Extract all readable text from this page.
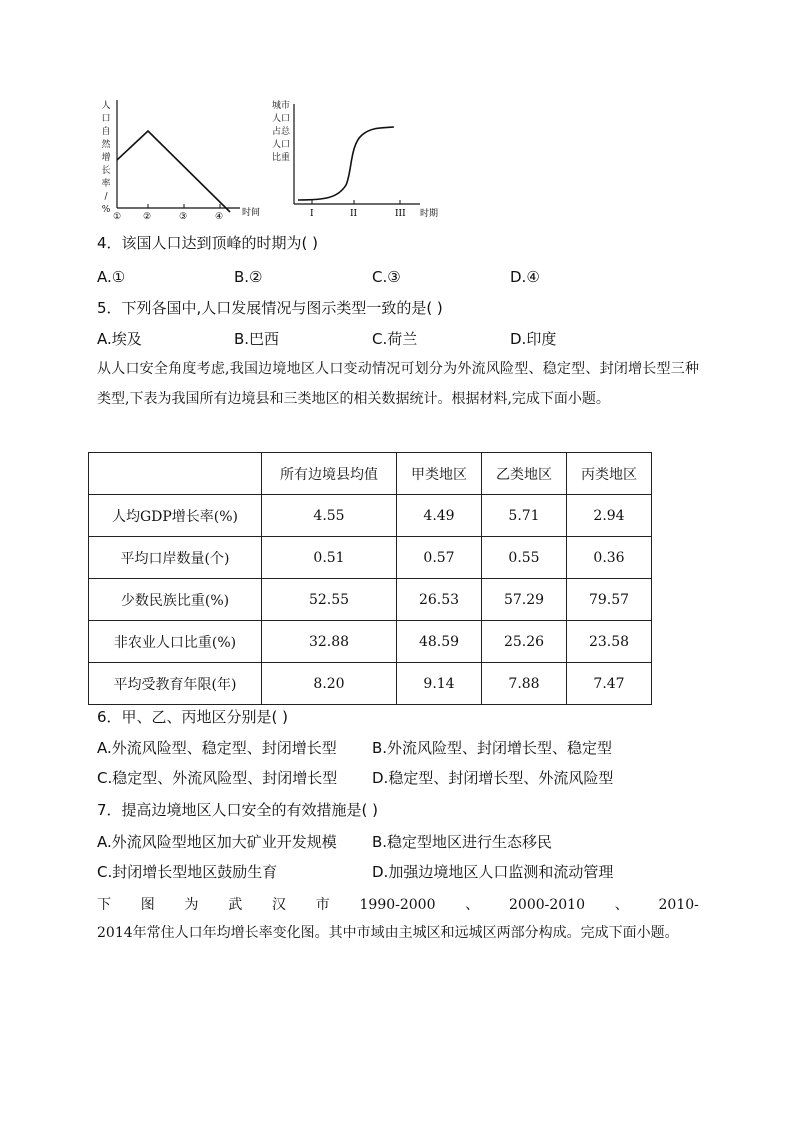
人
口
自
然
增
长
率
/
%
① ②	③	④ 时间
城市
人口
占总
人口
比重
I	II	III 时期
4．该国人口达到顶峰的时期为( )
A.①	B.②	C.③	D.④
5．下列各国中,人口发展情况与图示类型一致的是( )
A.埃及	B.巴西	C.荷兰	D.印度
从人口安全角度考虑,我国边境地区人口变动情况可划分为外流风险型、稳定型、封闭增长型三种类型,下表为我国所有边境县和三类地区的相关数据统计。根据材料,完成下面小题。
	所有边境县均值	甲类地区	乙类地区	丙类地区
人均GDP增长率(%)	4.55	4.49	5.71	2.94
平均口岸数量(个)	0.51	0.57	0.55	0.36
少数民族比重(%)	52.55	26.53	57.29	79.57
非农业人口比重(%)	32.88	48.59	25.26	23.58
平均受教育年限(年)	8.20	9.14	7.88	7.47
6．甲、乙、丙地区分别是( )
A.外流风险型、稳定型、封闭增长型 B.外流风险型、封闭增长型、稳定型
C.稳定型、外流风险型、封闭增长型 D.稳定型、封闭增长型、外流风险型
7．提高边境地区人口安全的有效措施是( )
A.外流风险型地区加大矿业开发规模 B.稳定型地区进行生态移民
C.封闭增长型地区鼓励生育	D.加强边境地区人口监测和流动管理
下 图 为 武 汉 市 1990-2000 、 2000-2010 、 2010-
2014年常住人口年均增长率变化图。其中市域由主城区和远城区两部分构成。完成下面小题。
